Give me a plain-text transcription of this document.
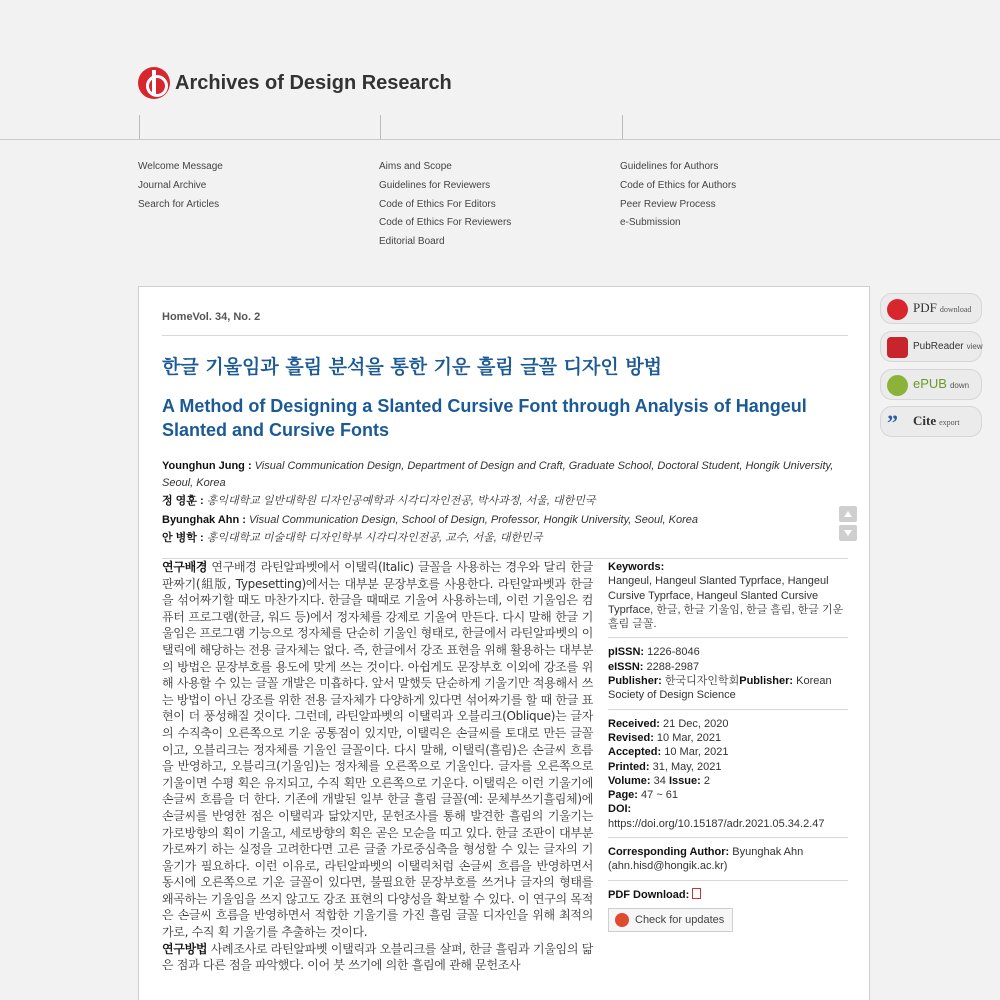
Archives of Design Research
Welcome Message
Journal Archive
Search for Articles
Aims and Scope
Guidelines for Reviewers
Code of Ethics For Editors
Code of Ethics For Reviewers
Editorial Board
Guidelines for Authors
Code of Ethics for Authors
Peer Review Process
e-Submission
HomeVol. 34, No. 2
한글 기울임과 흘림 분석을 통한 기운 흘림 글꼴 디자인 방법
A Method of Designing a Slanted Cursive Font through Analysis of Hangeul Slanted and Cursive Fonts
Younghun Jung : Visual Communication Design, Department of Design and Craft, Graduate School, Doctoral Student, Hongik University, Seoul, Korea
정 영훈 : 홍익대학교 일반대학원 디자인공예학과 시각디자인전공, 박사과정, 서울, 대한민국
Byunghak Ahn : Visual Communication Design, School of Design, Professor, Hongik University, Seoul, Korea
안 병학 : 홍익대학교 미술대학 디자인학부 시각디자인전공, 교수, 서울, 대한민국
연구배경 연구배경 라틴알파벳에서 이탤릭(Italic) 글꼴을 사용하는 경우와 달리 한글 판짜기(組版, Typesetting)에서는 대부분 문장부호를 사용한다. 라틴알파벳과 한글을 섞어짜기할 때도 마찬가지다. 한글을 때때로 기울여 사용하는데, 이런 기울임은 컴퓨터 프로그램(한글, 워드 등)에서 정자체를 강제로 기울여 만든다. 다시 말해 한글 기울임은 프로그램 기능으로 정자체를 단순히 기울인 형태로, 한글에서 라틴알파벳의 이탤릭에 해당하는 전용 글자체는 없다. 즉, 한글에서 강조 표현을 위해 활용하는 대부분의 방법은 문장부호를 용도에 맞게 쓰는 것이다. 아쉽게도 문장부호 이외에 강조를 위해 사용할 수 있는 글꼴 개발은 미흡하다. 앞서 말했듯 단순하게 기울기만 적용해서 쓰는 방법이 아닌 강조를 위한 전용 글자체가 다양하게 있다면 섞어짜기를 할 때 한글 표현이 더 풍성해질 것이다. 그런데, 라틴알파벳의 이탤릭과 오블리크(Oblique)는 글자의 수직축이 오른쪽으로 기운 공통점이 있지만, 이탤릭은 손글씨를 토대로 만든 글꼴이고, 오블리크는 정자체를 기울인 글꼴이다. 다시 말해, 이탤릭(흘림)은 손글씨 흐름을 반영하고, 오블리크(기울임)는 정자체를 오른쪽으로 기울인다. 글자를 오른쪽으로 기울이면 수평 획은 유지되고, 수직 획만 오른쪽으로 기운다. 이탤릭은 이런 기울기에 손글씨 흐름을 더 한다. 기존에 개발된 일부 한글 흘림 글꼴(예: 문체부쓰기흘림체)에 손글씨를 반영한 점은 이탤릭과 닮았지만, 문헌조사를 통해 발견한 흘림의 기울기는 가로방향의 획이 기울고, 세로방향의 획은 곧은 모순을 띠고 있다. 한글 조판이 대부분 가로짜기 하는 실정을 고려한다면 고른 글줄 가로중심축을 형성할 수 있는 글자의 기울기가 필요하다. 이런 이유로, 라틴알파벳의 이탤릭처럼 손글씨 흐름을 반영하면서 동시에 오른쪽으로 기운 글꼴이 있다면, 불필요한 문장부호를 쓰거나 글자의 형태를 왜곡하는 기울임을 쓰지 않고도 강조 표현의 다양성을 확보할 수 있다. 이 연구의 목적은 손글씨 흐름을 반영하면서 적합한 기울기를 가진 흘림 글꼴 디자인을 위해 최적의 가로, 수직 획 기울기를 추출하는 것이다.
연구방법 사례조사로 라틴알파벳 이탤릭과 오블리크를 살펴, 한글 흘림과 기울임의 닮은 점과 다른 점을 파악했다. 이어 붓 쓰기에 의한 흘림에 관해 문헌조사
Keywords:
Hangeul, Hangeul Slanted Typrface, Hangeul Cursive Typrface, Hangeul Slanted Cursive Typrface, 한글, 한글 기울임, 한글 흘림, 한글 기운 흘림 글꼴.
pISSN: 1226-8046
eISSN: 2288-2987
Publisher: 한국디자인학회Publisher: Korean Society of Design Science
Received: 21 Dec, 2020
Revised: 10 Mar, 2021
Accepted: 10 Mar, 2021
Printed: 31, May, 2021
Volume: 34 Issue: 2
Page: 47 ~ 61
DOI:
https://doi.org/10.15187/adr.2021.05.34.2.47
Corresponding Author: Byunghak Ahn (ahn.hisd@hongik.ac.kr)
PDF Download:
Check for updates
PDF download
PubReader view
ePUB down
”	Cite export
